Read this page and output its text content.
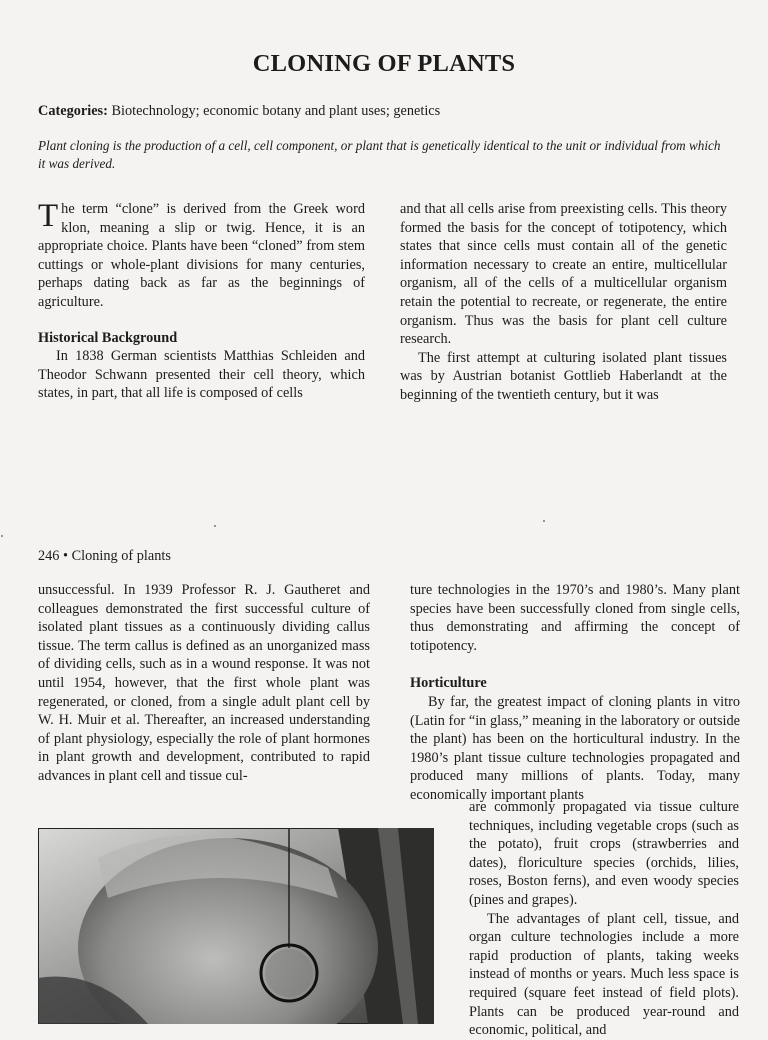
CLONING OF PLANTS
Categories: Biotechnology; economic botany and plant uses; genetics
Plant cloning is the production of a cell, cell component, or plant that is genetically identical to the unit or individual from which it was derived.

The term “clone” is derived from the Greek word klon, meaning a slip or twig. Hence, it is an appropriate choice. Plants have been “cloned” from stem cuttings or whole-plant divisions for many centuries, perhaps dating back as far as the beginnings of agriculture.

Historical Background

In 1838 German scientists Matthias Schleiden and Theodor Schwann presented their cell theory, which states, in part, that all life is composed of cells

and that all cells arise from preexisting cells. This theory formed the basis for the concept of totipotency, which states that since cells must contain all of the genetic information necessary to create an entire, multicellular organism, all of the cells of a multicellular organism retain the potential to recreate, or regenerate, the entire organism. Thus was the basis for plant cell culture research.

The first attempt at culturing isolated plant tissues was by Austrian botanist Gottlieb Haberlandt at the beginning of the twentieth century, but it was

246 • Cloning of plants

unsuccessful. In 1939 Professor R. J. Gautheret and colleagues demonstrated the first successful culture of isolated plant tissues as a continuously dividing callus tissue. The term callus is defined as an unorganized mass of dividing cells, such as in a wound response. It was not until 1954, however, that the first whole plant was regenerated, or cloned, from a single adult plant cell by W. H. Muir et al. Thereafter, an increased understanding of plant physiology, especially the role of plant hormones in plant growth and development, contributed to rapid advances in plant cell and tissue cul-

ture technologies in the 1970’s and 1980’s. Many plant species have been successfully cloned from single cells, thus demonstrating and affirming the concept of totipotency.

Horticulture

By far, the greatest impact of cloning plants in vitro (Latin for “in glass,” meaning in the laboratory or outside the plant) has been on the horticultural industry. In the 1980’s plant tissue culture technologies propagated and produced many millions of plants. Today, many economically important plants

are commonly propagated via tissue culture techniques, including vegetable crops (such as the potato), fruit crops (strawberries and dates), floriculture species (orchids, lilies, roses, Boston ferns), and even woody species (pines and grapes).

The advantages of plant cell, tissue, and organ culture technologies include a more rapid production of plants, taking weeks instead of months or years. Much less space is required (square feet instead of field plots). Plants can be produced year-round and economic, political, and
